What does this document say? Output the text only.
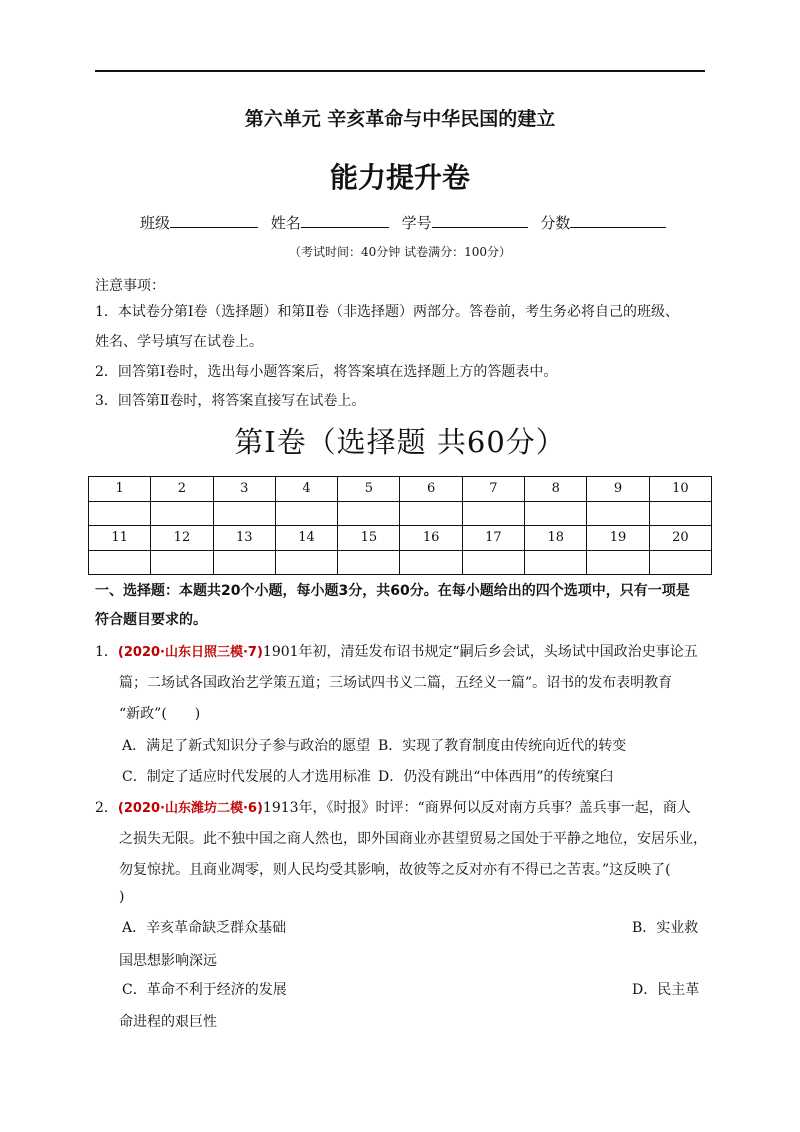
第六单元 辛亥革命与中华民国的建立
能力提升卷
班级	姓名	学号	分数
（考试时间：40分钟 试卷满分：100分）
注意事项：
1．本试卷分第Ⅰ卷（选择题）和第Ⅱ卷（非选择题）两部分。答卷前，考生务必将自己的班级、
姓名、学号填写在试卷上。
2．回答第Ⅰ卷时，选出每小题答案后，将答案填在选择题上方的答题表中。
3．回答第Ⅱ卷时，将答案直接写在试卷上。
第Ⅰ卷（选择题 共60分）
1	2	3	4	5	6	7	8	9	10

11	12	13	14	15	16	17	18	19	20

一、选择题：本题共20个小题，每小题3分，共60分。在每小题给出的四个选项中，只有一项是
符合题目要求的。
1．(2020·山东日照三模·7)1901年初，清廷发布诏书规定“嗣后乡会试，头场试中国政治史事论五
篇；二场试各国政治艺学策五道；三场试四书义二篇，五经义一篇”。诏书的发布表明教育
“新政”(　　)
A．满足了新式知识分子参与政治的愿望 B．实现了教育制度由传统向近代的转变
C．制定了适应时代发展的人才选用标准 D．仍没有跳出“中体西用”的传统窠臼
2．(2020·山东潍坊二模·6)1913年，《时报》时评：“商界何以反对南方兵事？盖兵事一起，商人
之损失无限。此不独中国之商人然也，即外国商业亦甚望贸易之国处于平静之地位，安居乐业，
勿复惊扰。且商业凋零，则人民均受其影响，故彼等之反对亦有不得已之苦衷。”这反映了(
)
A．辛亥革命缺乏群众基础	B．实业救
国思想影响深远
C．革命不利于经济的发展	D．民主革
命进程的艰巨性
